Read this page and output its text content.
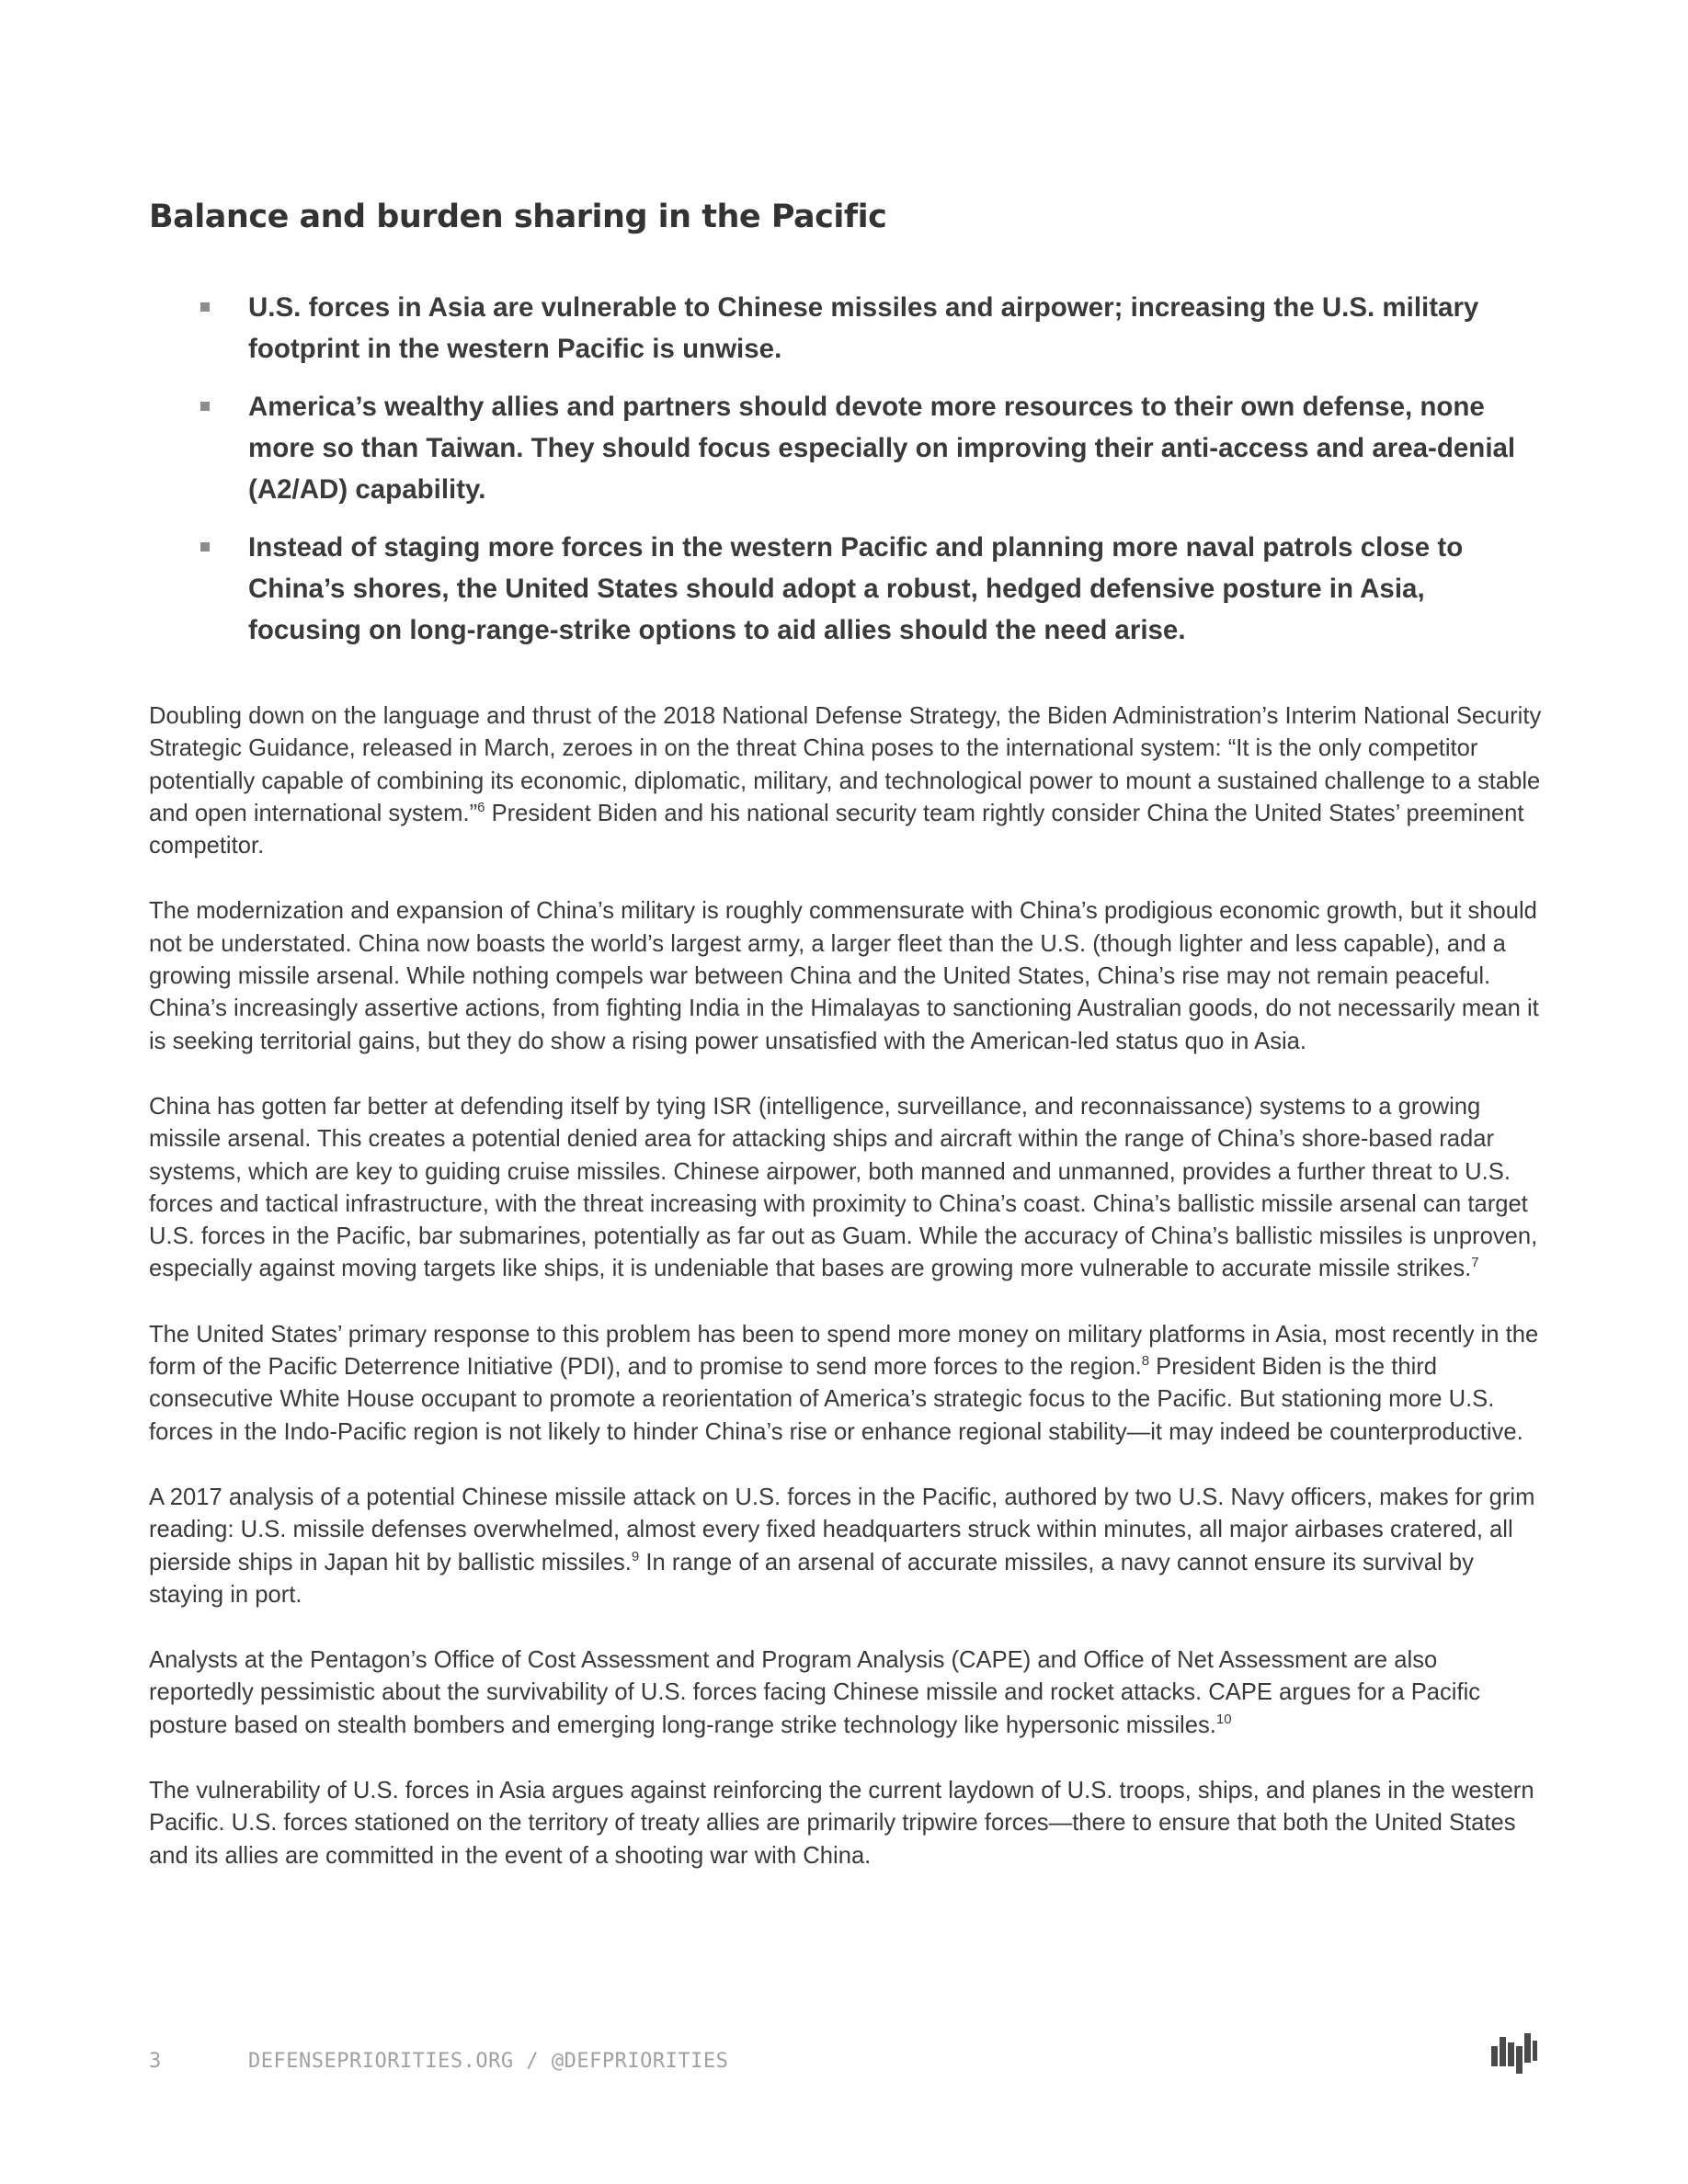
Balance and burden sharing in the Pacific
U.S. forces in Asia are vulnerable to Chinese missiles and airpower; increasing the U.S. military footprint in the western Pacific is unwise.
America’s wealthy allies and partners should devote more resources to their own defense, none more so than Taiwan. They should focus especially on improving their anti-access and area-denial (A2/AD) capability.
Instead of staging more forces in the western Pacific and planning more naval patrols close to China’s shores, the United States should adopt a robust, hedged defensive posture in Asia, focusing on long-range-strike options to aid allies should the need arise.

Doubling down on the language and thrust of the 2018 National Defense Strategy, the Biden Administration’s Interim National Security Strategic Guidance, released in March, zeroes in on the threat China poses to the international system: “It is the only competitor potentially capable of combining its economic, diplomatic, military, and technological power to mount a sustained challenge to a stable and open international system.”$^6$ President Biden and his national security team rightly consider China the United States’ preeminent competitor.

The modernization and expansion of China’s military is roughly commensurate with China’s prodigious economic growth, but it should not be understated. China now boasts the world’s largest army, a larger fleet than the U.S. (though lighter and less capable), and a growing missile arsenal. While nothing compels war between China and the United States, China’s rise may not remain peaceful. China’s increasingly assertive actions, from fighting India in the Himalayas to sanctioning Australian goods, do not necessarily mean it is seeking territorial gains, but they do show a rising power unsatisfied with the American-led status quo in Asia.

China has gotten far better at defending itself by tying ISR (intelligence, surveillance, and reconnaissance) systems to a growing missile arsenal. This creates a potential denied area for attacking ships and aircraft within the range of China’s shore-based radar systems, which are key to guiding cruise missiles. Chinese airpower, both manned and unmanned, provides a further threat to U.S. forces and tactical infrastructure, with the threat increasing with proximity to China’s coast. China’s ballistic missile arsenal can target U.S. forces in the Pacific, bar submarines, potentially as far out as Guam. While the accuracy of China’s ballistic missiles is unproven, especially against moving targets like ships, it is undeniable that bases are growing more vulnerable to accurate missile strikes.$^7$

The United States’ primary response to this problem has been to spend more money on military platforms in Asia, most recently in the form of the Pacific Deterrence Initiative (PDI), and to promise to send more forces to the region.$^8$ President Biden is the third consecutive White House occupant to promote a reorientation of America’s strategic focus to the Pacific. But stationing more U.S. forces in the Indo-Pacific region is not likely to hinder China’s rise or enhance regional stability—it may indeed be counterproductive.

A 2017 analysis of a potential Chinese missile attack on U.S. forces in the Pacific, authored by two U.S. Navy officers, makes for grim reading: U.S. missile defenses overwhelmed, almost every fixed headquarters struck within minutes, all major airbases cratered, all pierside ships in Japan hit by ballistic missiles.$^9$ In range of an arsenal of accurate missiles, a navy cannot ensure its survival by staying in port.

Analysts at the Pentagon’s Office of Cost Assessment and Program Analysis (CAPE) and Office of Net Assessment are also reportedly pessimistic about the survivability of U.S. forces facing Chinese missile and rocket attacks. CAPE argues for a Pacific posture based on stealth bombers and emerging long-range strike technology like hypersonic missiles.$^{10}$

The vulnerability of U.S. forces in Asia argues against reinforcing the current laydown of U.S. troops, ships, and planes in the western Pacific. U.S. forces stationed on the territory of treaty allies are primarily tripwire forces—there to ensure that both the United States and its allies are committed in the event of a shooting war with China.

3	DEFENSEPRIORITIES.ORG / @DEFPRIORITIES
